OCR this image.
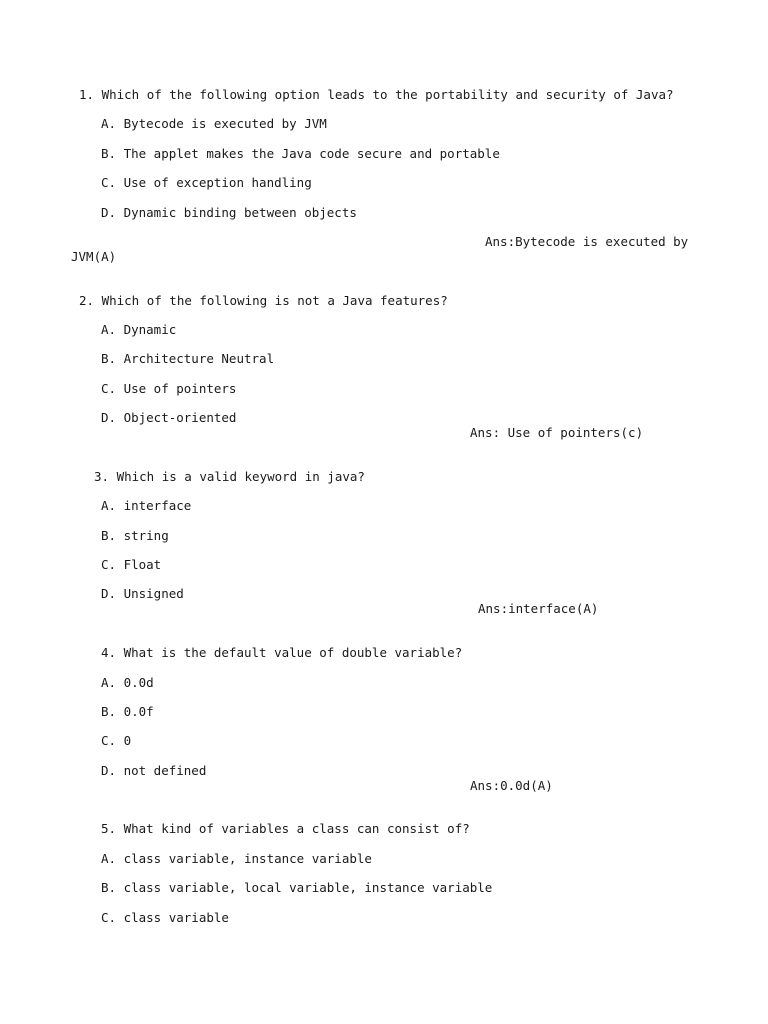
1. Which of the following option leads to the portability and security of Java?
A. Bytecode is executed by JVM
B. The applet makes the Java code secure and portable
C. Use of exception handling
D. Dynamic binding between objects
Ans:Bytecode is executed by
JVM(A)
2. Which of the following is not a Java features?
A. Dynamic
B. Architecture Neutral
C. Use of pointers
D. Object-oriented
Ans: Use of pointers(c)
3. Which is a valid keyword in java?
A. interface
B. string
C. Float
D. Unsigned
Ans:interface(A)
4. What is the default value of double variable?
A. 0.0d
B. 0.0f
C. 0
D. not defined
Ans:0.0d(A)
5. What kind of variables a class can consist of?
A. class variable, instance variable
B. class variable, local variable, instance variable
C. class variable
